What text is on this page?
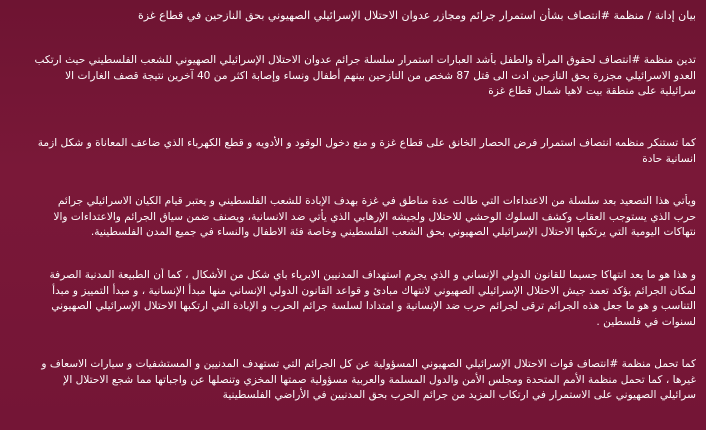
بيان إدانة / منظمة #انتصاف بشأن استمرار جرائم ومجازر عدوان الاحتلال الإسرائيلي الصهيوني بحق النازحين في قطاع غزة
تدين منظمة #انتصاف لحقوق المرأة والطفل بأشد العبارات استمرار سلسلة جرائم عدوان الاحتلال الإسرائيلي الصهيوني للشعب الفلسطيني حيث ارتكب
العدو الاسرائيلي مجزرة بحق النازحين ادت الى قتل 87 شخص من النازحين بينهم أطفال ونساء وإصابة اكثر من 40 آخرين نتيجة قصف الغارات الا
سرائيلية على منطقة بيت لاهيا شمال قطاع غزة
كما تستنكر منظمه انتصاف استمرار فرض الحصار الخانق على قطاع غزة و منع دخول الوقود و الأدويه و قطع الكهرباء الذي ضاعف المعاناة و شكل ازمة
انسانية حادة
ويأتي هذا التصعيد بعد سلسلة من الاعتداءات التي طالت عدة مناطق في غزة بهدف الإبادة للشعب الفلسطيني و يعتبر قيام الكيان الاسرائيلي جرائم
حرب الذي يستوجب العقاب وكشف السلوك الوحشي للاحتلال ولجيشه الإرهابي الذي يأتي ضد الانسانية، ويصنف ضمن سياق الجرائم والاعتداءات والا
نتهاكات اليومية التي يرتكبها الاحتلال الإسرائيلي الصهيوني بحق الشعب الفلسطيني وخاصة فئة الاطفال والنساء في جميع المدن الفلسطينية.
و هذا هو ما يعد انتهاكا جسيما للقانون الدولي الإنساني و الذي يجرم استهداف المدنيين الابرياء باي شكل من الأشكال ، كما أن الطبيعة المدنية الصرفة
لمكان الجرائم يؤكد تعمد جيش الاحتلال الإسرائيلي الصهيوني لانتهاك مبادئ و قواعد القانون الدولي الإنساني منها مبدأ الإنسانية ، و مبدأ التمييز و مبدأ
التناسب و هو ما جعل هذه الجرائم ترقى لجرائم حرب ضد الإنسانية و امتدادا لسلسة جرائم الحرب و الإبادة التي ارتكبها الاحتلال الإسرائيلي الصهيوني
لسنوات في فلسطين .
كما تحمل منظمة #انتصاف قوات الاحتلال الإسرائيلي الصهيوني المسؤولية عن كل الجرائم التي تستهدف المدنيين و المستشفيات و سيارات الاسعاف و
غيرها ، كما تحمل منظمة الأمم المتحدة ومجلس الأمن والدول المسلمة والعربية مسؤولية صمتها المخزي وتنصلها عن واجباتها مما شجع الاحتلال الإ
سرائيلي الصهيوني على الاستمرار في ارتكاب المزيد من جرائم الحرب بحق المدنيين في الأراضي الفلسطينية
